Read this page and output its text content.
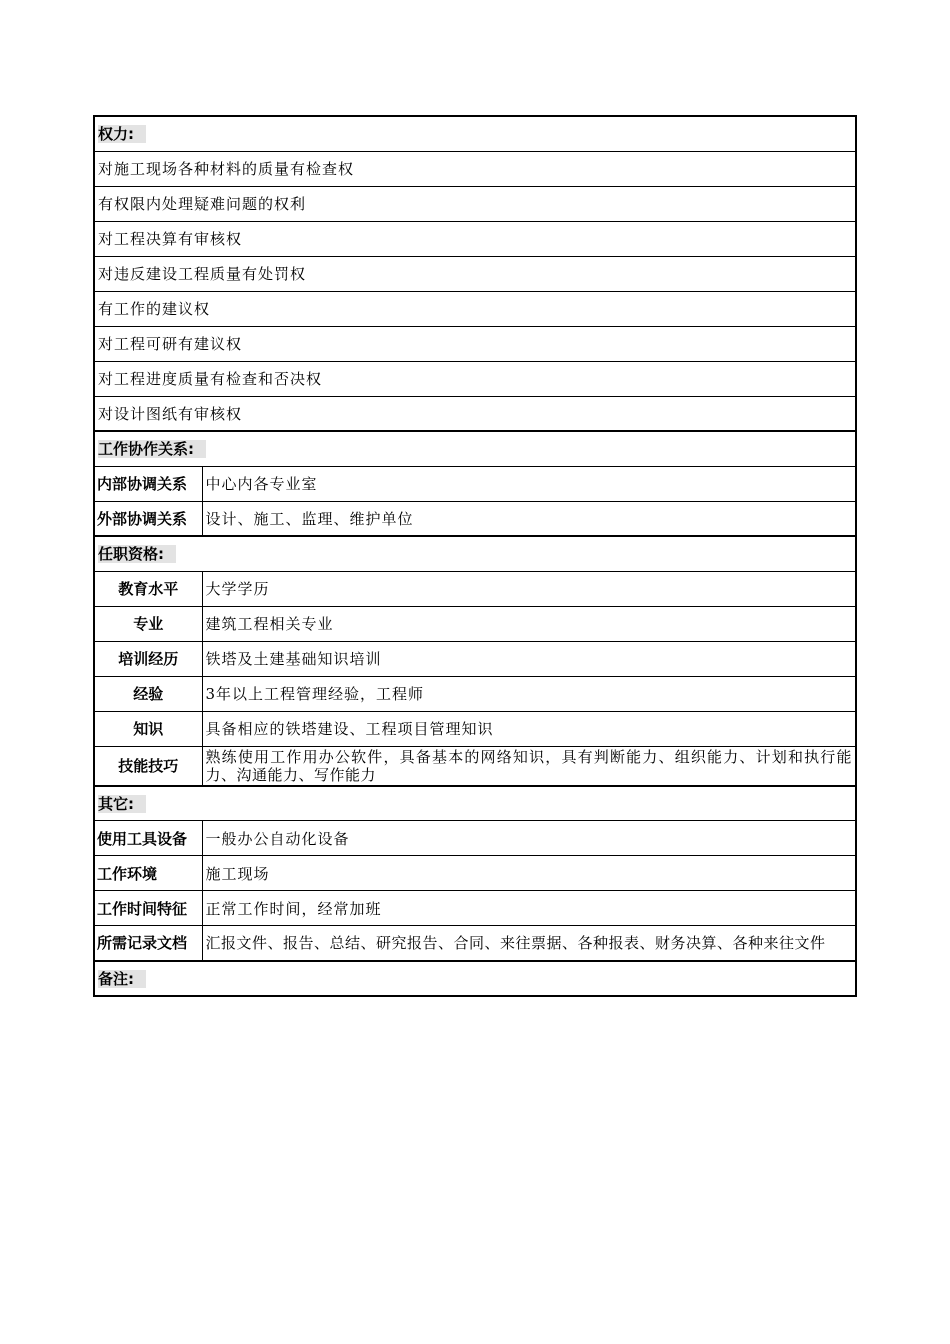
权力:	
对施工现场各种材料的质量有检查权	
有权限内处理疑难问题的权利	
对工程决算有审核权	
对违反建设工程质量有处罚权	
有工作的建议权	
对工程可研有建议权	
对工程进度质量有检查和否决权	
对设计图纸有审核权	
工作协作关系:	
内部协调关系	中心内各专业室
外部协调关系	设计、施工、监理、维护单位
任职资格:	
教育水平	大学学历
专业	建筑工程相关专业
培训经历	铁塔及土建基础知识培训
经验	3年以上工程管理经验，工程师
知识	具备相应的铁塔建设、工程项目管理知识
技能技巧	熟练使用工作用办公软件，具备基本的网络知识，具有判断能力、组织能力、计划和执行能力、沟通能力、写作能力
其它:	
使用工具设备	一般办公自动化设备
工作环境	施工现场
工作时间特征	正常工作时间，经常加班
所需记录文档	汇报文件、报告、总结、研究报告、合同、来往票据、各种报表、财务决算、各种来往文件
备注:	
